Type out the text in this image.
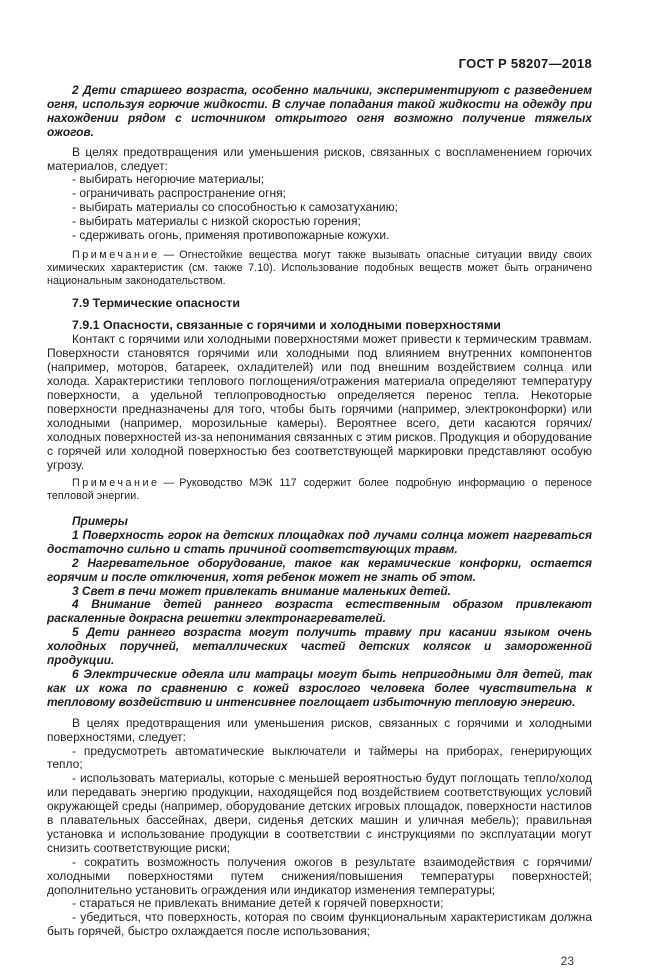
ГОСТ Р 58207—2018

2 Дети старшего возраста, особенно мальчики, экспериментируют с разведением огня, используя горючие жидкости. В случае попадания такой жидкости на одежду при нахождении рядом с источником открытого огня возможно получение тяжелых ожогов.

В целях предотвращения или уменьшения рисков, связанных с воспламенением горючих материалов, следует:

- выбирать негорючие материалы;

- ограничивать распространение огня;

- выбирать материалы со способностью к самозатуханию;

- выбирать материалы с низкой скоростью горения;

- сдерживать огонь, применяя противопожарные кожухи.

Примечание — Огнестойкие вещества могут также вызывать опасные ситуации ввиду своих химических характеристик (см. также 7.10). Использование подобных веществ может быть ограничено национальным законодательством.

7.9 Термические опасности

7.9.1 Опасности, связанные с горячими и холодными поверхностями

Контакт с горячими или холодными поверхностями может привести к термическим травмам. Поверхности становятся горячими или холодными под влиянием внутренних компонентов (например, моторов, батареек, охладителей) или под внешним воздействием солнца или холода. Характеристики теплового поглощения/отражения материала определяют температуру поверхности, а удельной теплопроводностью определяется перенос тепла. Некоторые поверхности предназначены для того, чтобы быть горячими (например, электроконфорки) или холодными (например, морозильные камеры). Вероятнее всего, дети касаются горячих/холодных поверхностей из-за непонимания связанных с этим рисков. Продукция и оборудование с горячей или холодной поверхностью без соответствующей маркировки представляют особую угрозу.

Примечание — Руководство МЭК 117 содержит более подробную информацию о переносе тепловой энергии.

Примеры

1 Поверхность горок на детских площадках под лучами солнца может нагреваться достаточно сильно и стать причиной соответствующих травм.

2 Нагревательное оборудование, такое как керамические конфорки, остается горячим и после отключения, хотя ребенок может не знать об этом.

3 Свет в печи может привлекать внимание маленьких детей.

4 Внимание детей раннего возраста естественным образом привлекают раскаленные докрасна решетки электронагревателей.

5 Дети раннего возраста могут получить травму при касании языком очень холодных поручней, металлических частей детских колясок и замороженной продукции.

6 Электрические одеяла или матрацы могут быть непригодными для детей, так как их кожа по сравнению с кожей взрослого человека более чувствительна к тепловому воздействию и интенсивнее поглощает избыточную тепловую энергию.

В целях предотвращения или уменьшения рисков, связанных с горячими и холодными поверхностями, следует:

- предусмотреть автоматические выключатели и таймеры на приборах, генерирующих тепло;

- использовать материалы, которые с меньшей вероятностью будут поглощать тепло/холод или передавать энергию продукции, находящейся под воздействием соответствующих условий окружающей среды (например, оборудование детских игровых площадок, поверхности настилов в плавательных бассейнах, двери, сиденья детских машин и уличная мебель); правильная установка и использование продукции в соответствии с инструкциями по эксплуатации могут снизить соответствующие риски;

- сократить возможность получения ожогов в результате взаимодействия с горячими/холодными поверхностями путем снижения/повышения температуры поверхностей; дополнительно установить ограждения или индикатор изменения температуры;

- стараться не привлекать внимание детей к горячей поверхности;

- убедиться, что поверхность, которая по своим функциональным характеристикам должна быть горячей, быстро охлаждается после использования;

23
